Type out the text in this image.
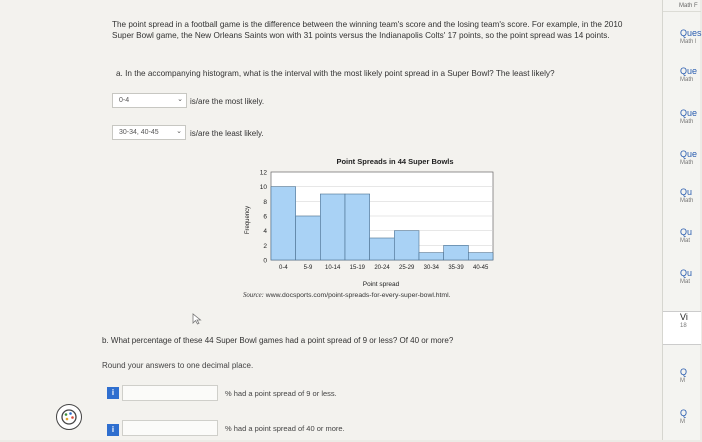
The point spread in a football game is the difference between the winning team's score and the losing team's score. For example, in the 2010 Super Bowl game, the New Orleans Saints won with 31 points versus the Indianapolis Colts' 17 points, so the point spread was 14 points.
a. In the accompanying histogram, what is the interval with the most likely point spread in a Super Bowl? The least likely?
0-4	⌄ is/are the most likely.
30-34, 40-45 ⌄ is/are the least likely.
0
2
4
6
8
10
12
0-4	5-9 10-14 15-19 20-24 25-29 30-34 35-39 40-45
Point Spreads in 44 Super Bowls
Frequency
Point spread
Source: www.docsports.com/point-spreads-for-every-super-bowl.html.
b. What percentage of these 44 Super Bowl games had a point spread of 9 or less? Of 40 or more?
Round your answers to one decimal place.
i	% had a point spread of 9 or less.
i	% had a point spread of 40 or more.
Math F
Ques
Math l
Que
Math
Que
Math
Que
Math
Qu
Math
Qu
Mat
Qu
Mat
Vi
18
Q
M
Q
M
